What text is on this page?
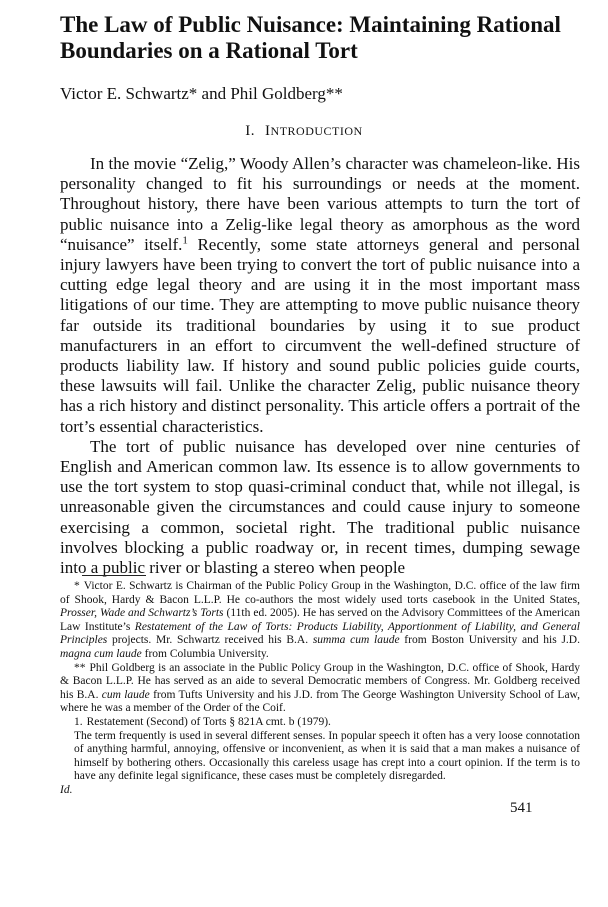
The Law of Public Nuisance: Maintaining Rational
Boundaries on a Rational Tort
Victor E. Schwartz* and Phil Goldberg**
I. INTRODUCTION

In the movie “Zelig,” Woody Allen’s character was chameleon-like. His personality changed to fit his surroundings or needs at the moment. Throughout history, there have been various attempts to turn the tort of public nuisance into a Zelig-like legal theory as amorphous as the word “nuisance” itself.$^1$ Recently, some state attorneys general and personal injury lawyers have been trying to convert the tort of public nuisance into a cutting edge legal theory and are using it in the most important mass litigations of our time. They are attempting to move public nuisance theory far outside its traditional boundaries by using it to sue product manufacturers in an effort to circumvent the well-defined structure of products liability law. If history and sound public policies guide courts, these lawsuits will fail. Unlike the character Zelig, public nuisance theory has a rich history and distinct personality. This article offers a portrait of the tort’s essential characteristics.

The tort of public nuisance has developed over nine centuries of English and American common law. Its essence is to allow governments to use the tort system to stop quasi-criminal conduct that, while not illegal, is unreasonable given the circumstances and could cause injury to someone exercising a common, societal right. The traditional public nuisance involves blocking a public roadway or, in recent times, dumping sewage into a public river or blasting a stereo when people

* Victor E. Schwartz is Chairman of the Public Policy Group in the Washington, D.C. office of the law firm of Shook, Hardy & Bacon L.L.P. He co-authors the most widely used torts casebook in the United States, Prosser, Wade and Schwartz’s Torts (11th ed. 2005). He has served on the Advisory Committees of the American Law Institute’s Restatement of the Law of Torts: Products Liability, Apportionment of Liability, and General Principles projects. Mr. Schwartz received his B.A. summa cum laude from Boston University and his J.D. magna cum laude from Columbia University.

** Phil Goldberg is an associate in the Public Policy Group in the Washington, D.C. office of Shook, Hardy & Bacon L.L.P. He has served as an aide to several Democratic members of Congress. Mr. Goldberg received his B.A. cum laude from Tufts University and his J.D. from The George Washington University School of Law, where he was a member of the Order of the Coif.

1. Restatement (Second) of Torts § 821A cmt. b (1979).

The term frequently is used in several different senses. In popular speech it often has a very loose connotation of anything harmful, annoying, offensive or inconvenient, as when it is said that a man makes a nuisance of himself by bothering others. Occasionally this careless usage has crept into a court opinion. If the term is to have any definite legal significance, these cases must be completely disregarded.
Id.
541
